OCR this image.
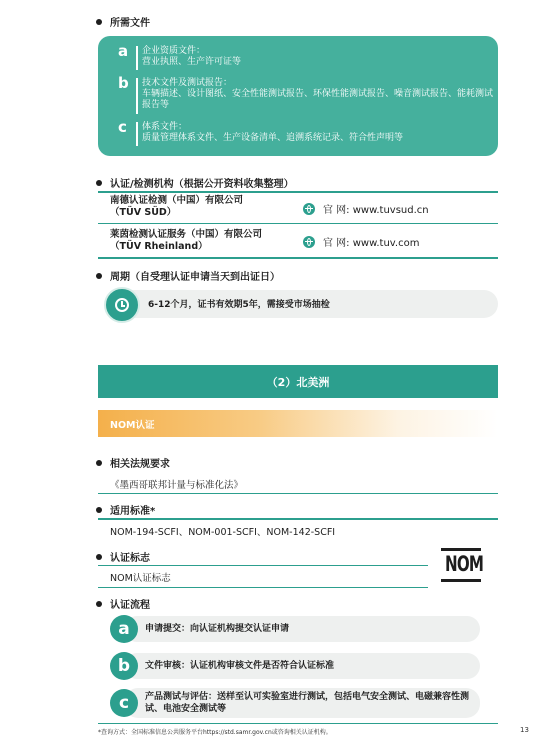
所需文件
a	企业资质文件：
营业执照、生产许可证等
b	技术文件及测试报告：
车辆描述、设计图纸、安全性能测试报告、环保性能测试报告、噪音测试报告、能耗测试报告等
c	体系文件：
质量管理体系文件、生产设备清单、追溯系统记录、符合性声明等
认证/检测机构（根据公开资料收集整理）
南德认证检测（中国）有限公司
（TÜV SÜD）	官 网: www.tuvsud.cn
莱茵检测认证服务（中国）有限公司
（TÜV Rheinland）	官 网: www.tuv.com
周期（自受理认证申请当天到出证日）
6-12个月，证书有效期5年，需接受市场抽检
（2）北美洲
NOM认证
相关法规要求
《墨西哥联邦计量与标准化法》
适用标准*
NOM-194-SCFI、NOM-001-SCFI、NOM-142-SCFI
认证标志
NOM认证标志
NOM
认证流程
a	申请提交：向认证机构提交认证申请
b	文件审核：认证机构审核文件是否符合认证标准
c	产品测试与评估：送样至认可实验室进行测试，包括电气安全测试、电磁兼容性测试、电池安全测试等
*查询方式：全国标准信息公共服务平台https://std.samr.gov.cn或咨询相关认证机构。	13
